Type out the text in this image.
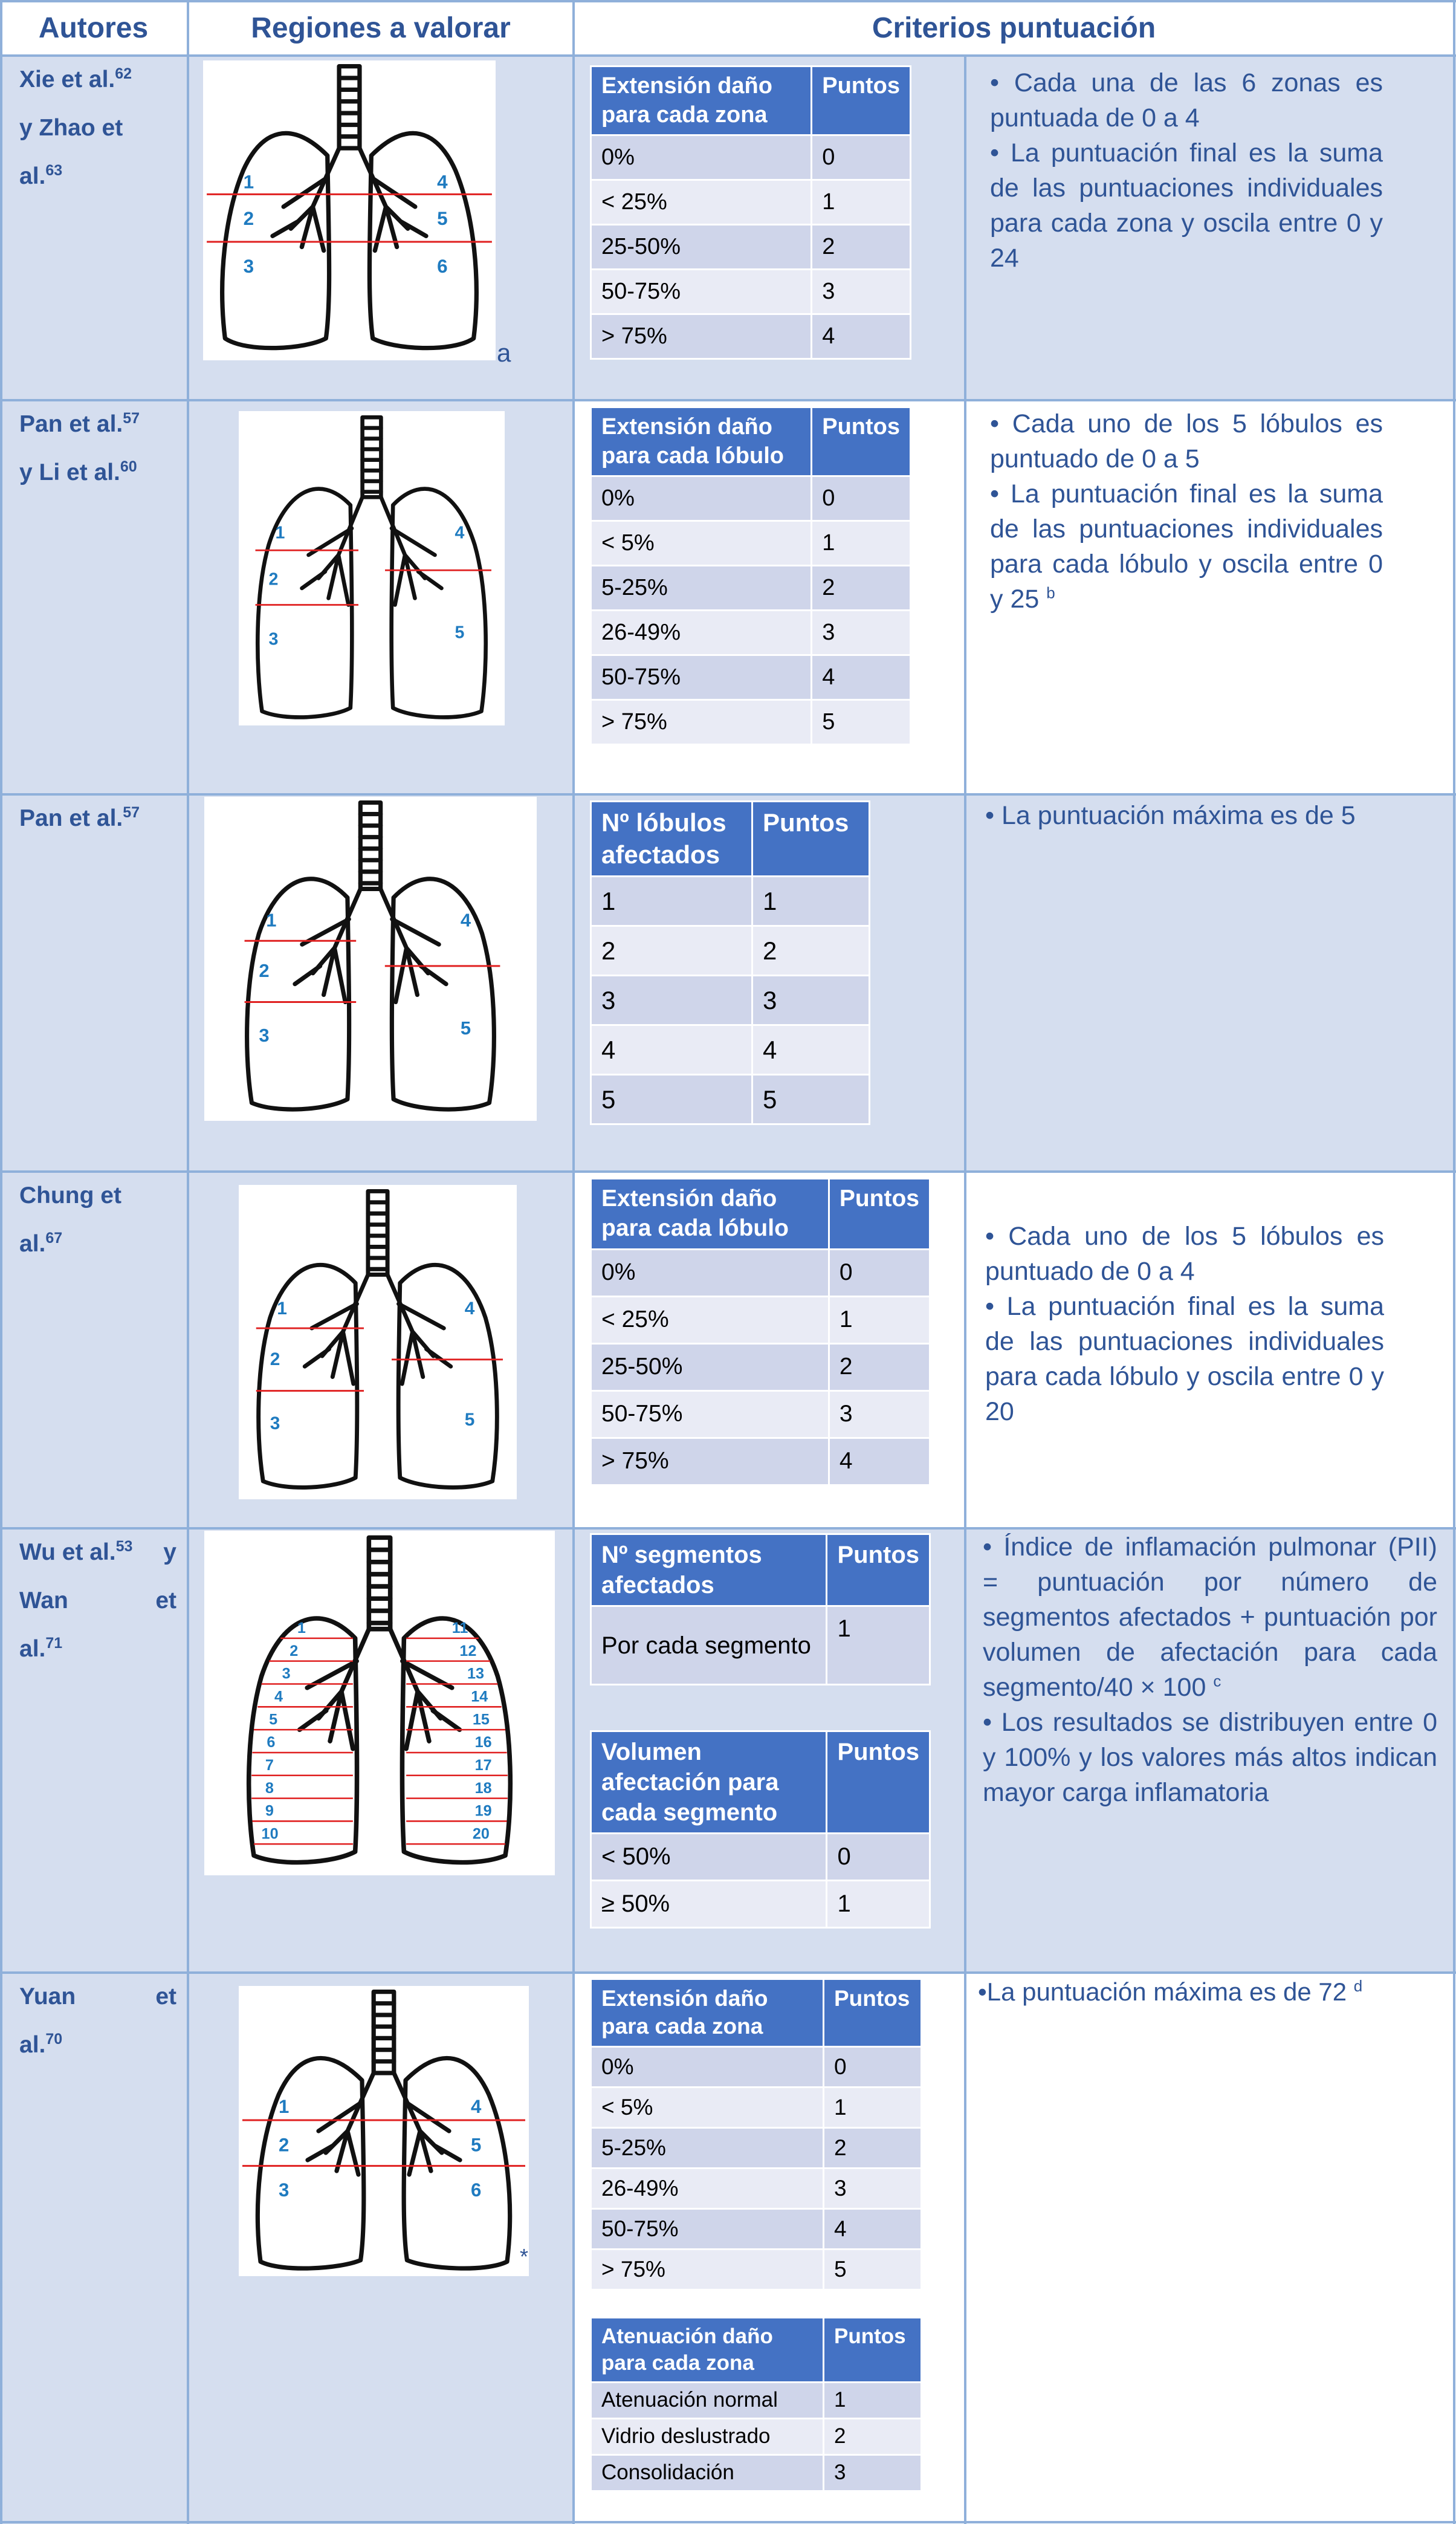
Autores	Regiones a valorar	Criterios puntuación
Xie et al.$^{62}$
y Zhao et
al.$^{63}$
1
2
3
4
5
6
a
Extensión daño para cada zona	Puntos
0%	0
< 25%	1
25-50%	2
50-75%	3
> 75%	4

• Cada una de las 6 zonas es puntuada de 0 a 4

• La puntuación final es la suma de las puntuaciones individuales para cada zona y oscila entre 0 y 24

Pan et al.$^{57}$
y Li et al.$^{60}$
1
2
3
4
5
Extensión daño para cada lóbulo	Puntos
0%	0
< 5%	1
5-25%	2
26-49%	3
50-75%	4
> 75%	5

• Cada uno de los 5 lóbulos es puntuado de 0 a 5

• La puntuación final es la suma de las puntuaciones individuales para cada lóbulo y oscila entre 0 y 25 $^b$

Pan et al.$^{57}$
1
2
3
4
5
Nº lóbulos afectados	Puntos
1	1
2	2
3	3
4	4
5	5

• La puntuación máxima es de 5

Chung et
al.$^{67}$
1
2
3
4
5
Extensión daño para cada lóbulo	Puntos
0%	0
< 25%	1
25-50%	2
50-75%	3
> 75%	4

• Cada uno de los 5 lóbulos es puntuado de 0 a 4

• La puntuación final es la suma de las puntuaciones individuales para cada lóbulo y oscila entre 0 y 20

Wu et al.$^{53}$ y
Wan	et
al.$^{71}$
1
2
3
4
5
6
7
8
9
10
11
12
13
14
15
16
17
18
19
20
Nº segmentos afectados	Puntos
Por cada segmento	1
Volumen afectación para cada segmento	Puntos
< 50%	0
≥ 50%	1

• Índice de inflamación pulmonar (PII) = puntuación por número de segmentos afectados + puntuación por volumen de afectación para cada segmento/40 × 100 $^c$

• Los resultados se distribuyen entre 0 y 100% y los valores más altos indican mayor carga inflamatoria

Yuan	et
al.$^{70}$
1
2
3
4
5
6
*
Extensión daño para cada zona	Puntos
0%	0
< 5%	1
5-25%	2
26-49%	3
50-75%	4
> 75%	5
Atenuación daño para cada zona	Puntos
Atenuación normal	1
Vidrio deslustrado	2
Consolidación	3

•La puntuación máxima es de 72 $^d$
